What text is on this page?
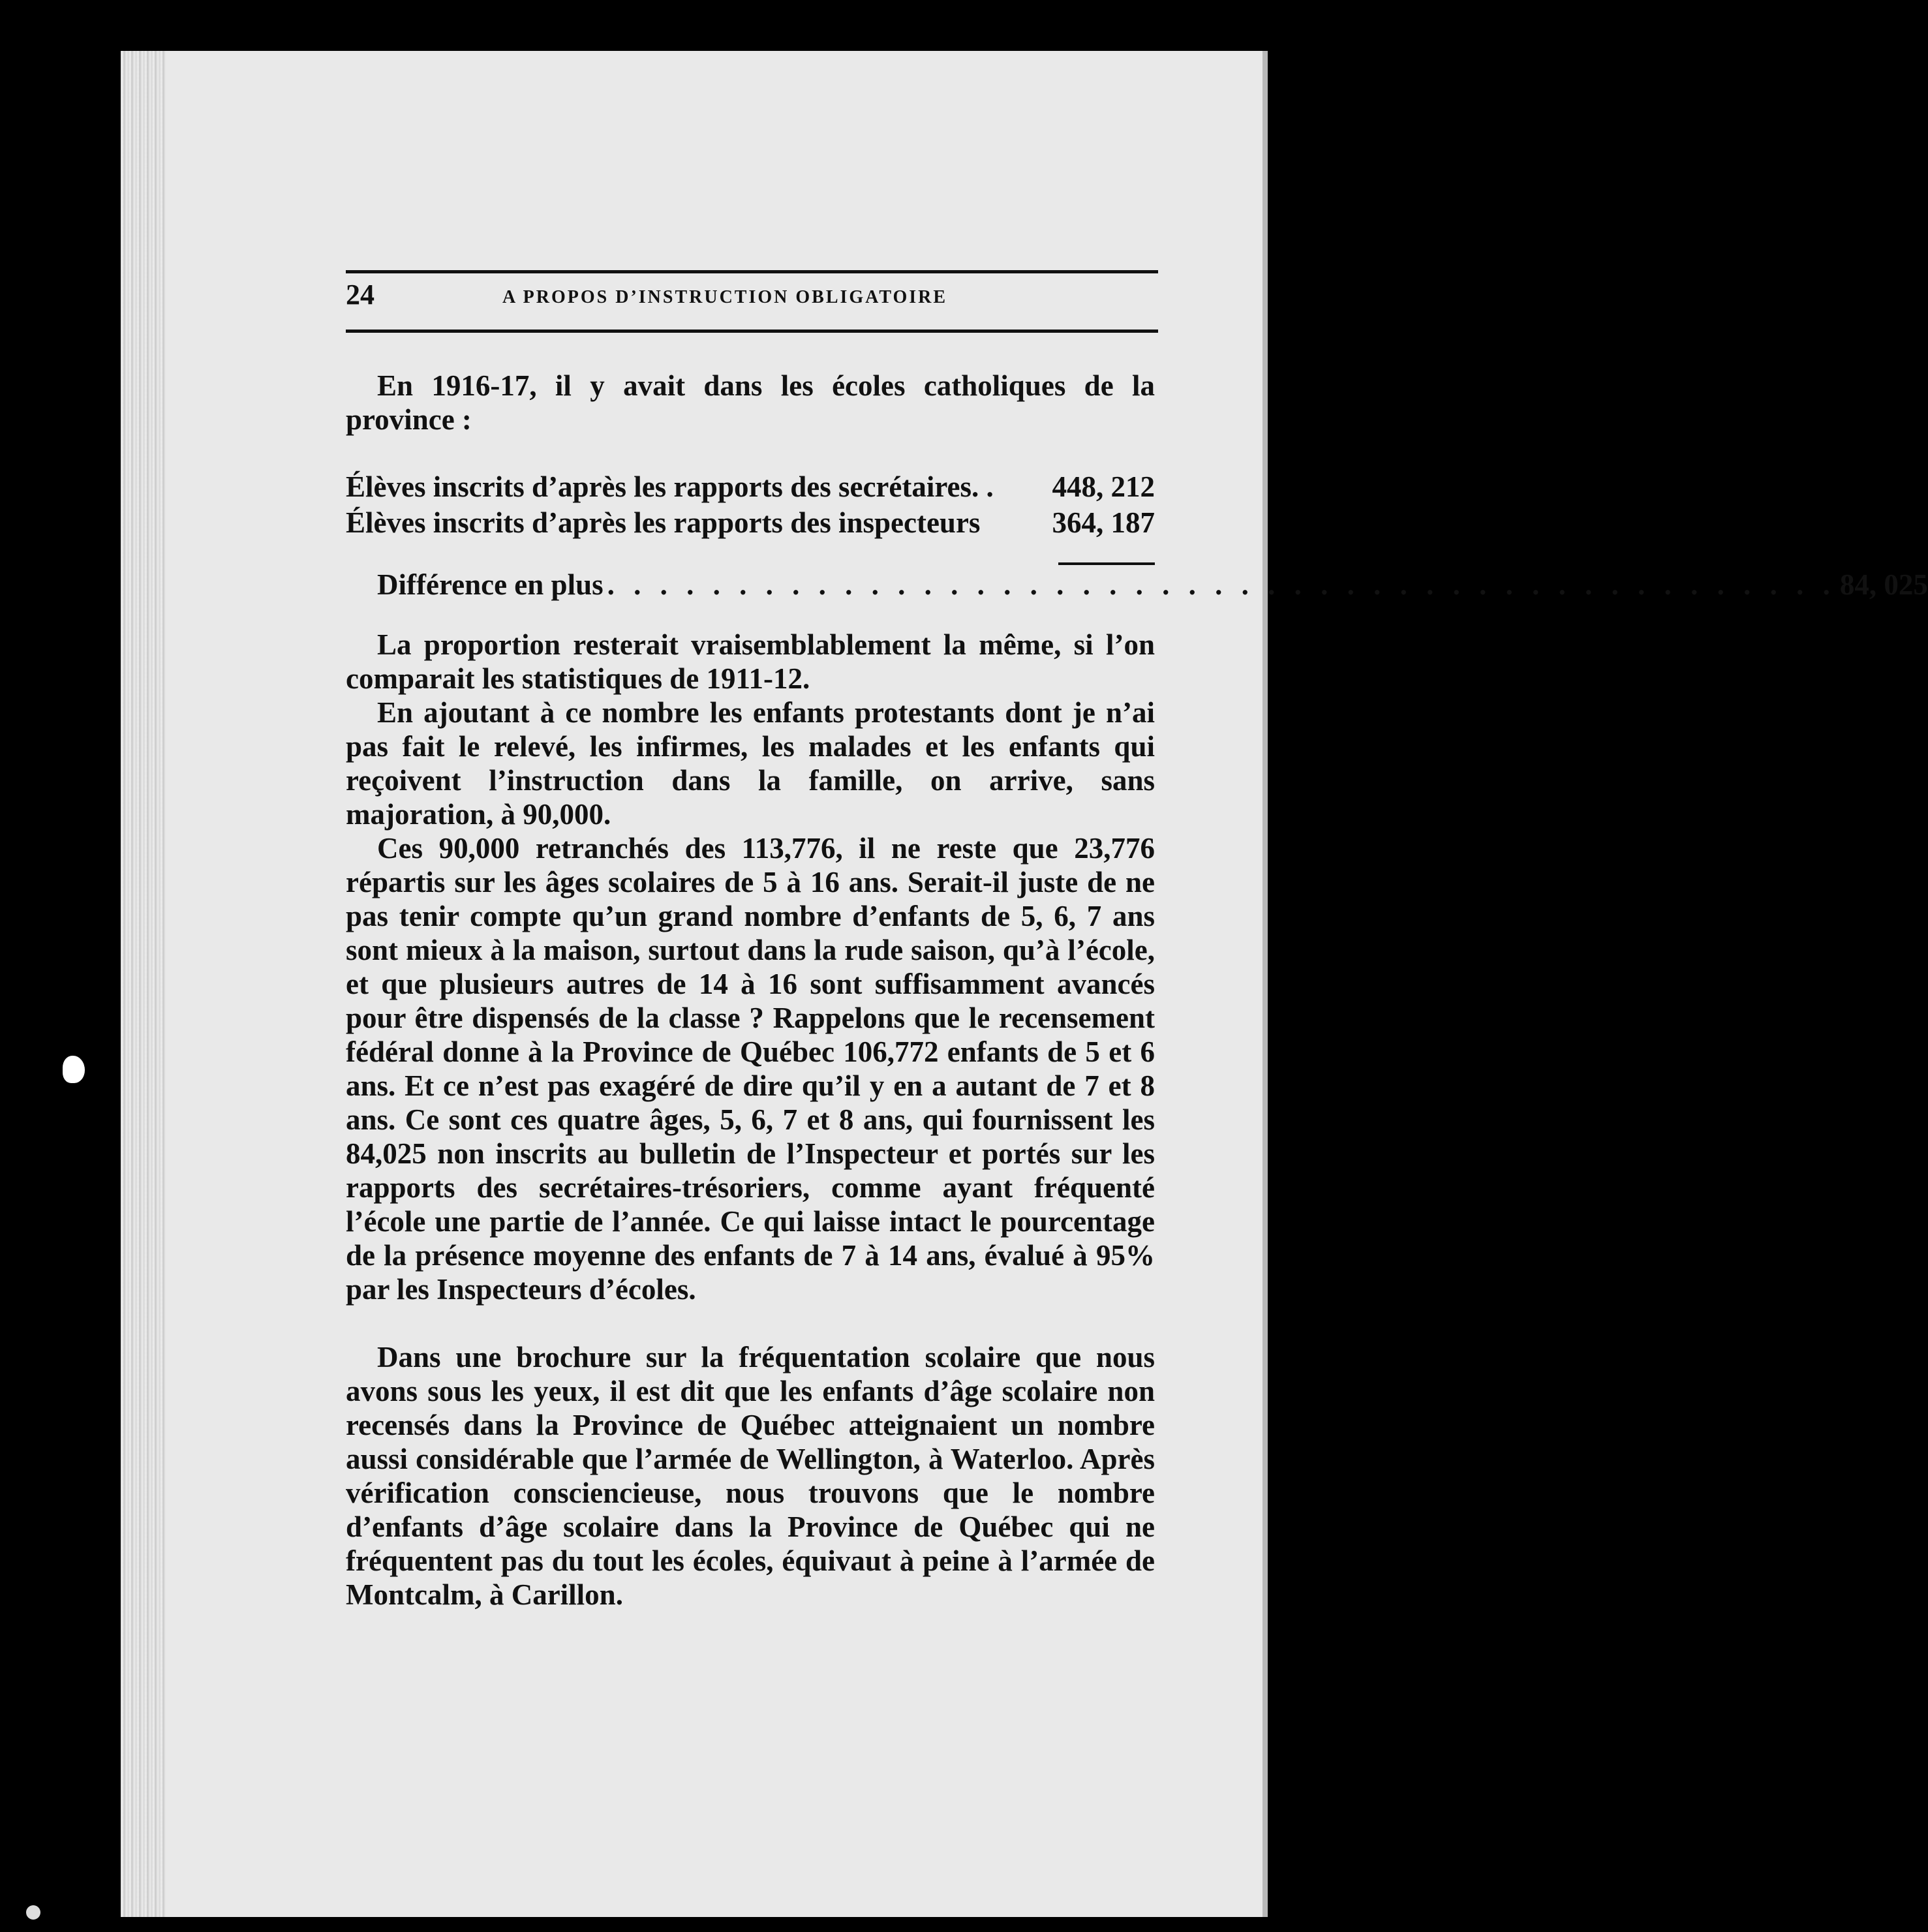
24	A PROPOS D’INSTRUCTION OBLIGATOIRE

En 1916-17, il y avait dans les écoles catholiques de la province :

Élèves inscrits d’après les rapports des secrétaires. . 448, 212
Élèves inscrits d’après les rapports des inspecteurs 364, 187
Différence en plus . . . . . . . . . . . . . . . . . . . . . . . . . . . . . . . . . . . . . . . . . . . . . . . 84, 025

La proportion resterait vraisemblablement la même, si l’on comparait les statistiques de 1911-12.

En ajoutant à ce nombre les enfants protestants dont je n’ai pas fait le relevé, les infirmes, les malades et les enfants qui reçoivent l’instruction dans la famille, on arrive, sans majoration, à 90,000.

Ces 90,000 retranchés des 113,776, il ne reste que 23,776 répartis sur les âges scolaires de 5 à 16 ans. Serait-il juste de ne pas tenir compte qu’un grand nombre d’enfants de 5, 6, 7 ans sont mieux à la maison, surtout dans la rude saison, qu’à l’école, et que plusieurs autres de 14 à 16 sont suffisamment avancés pour être dispensés de la classe ? Rappelons que le recensement fédéral donne à la Province de Québec 106,772 enfants de 5 et 6 ans. Et ce n’est pas exagéré de dire qu’il y en a autant de 7 et 8 ans. Ce sont ces quatre âges, 5, 6, 7 et 8 ans, qui fournissent les 84,025 non inscrits au bulletin de l’Inspecteur et portés sur les rapports des secrétaires-trésoriers, comme ayant fréquenté l’école une partie de l’année. Ce qui laisse intact le pourcentage de la présence moyenne des enfants de 7 à 14 ans, évalué à 95% par les Inspecteurs d’écoles.

Dans une brochure sur la fréquentation scolaire que nous avons sous les yeux, il est dit que les enfants d’âge scolaire non recensés dans la Province de Québec atteignaient un nombre aussi considérable que l’armée de Wellington, à Waterloo. Après vérification consciencieuse, nous trouvons que le nombre d’enfants d’âge scolaire dans la Province de Québec qui ne fréquentent pas du tout les écoles, équivaut à peine à l’armée de Montcalm, à Carillon.
